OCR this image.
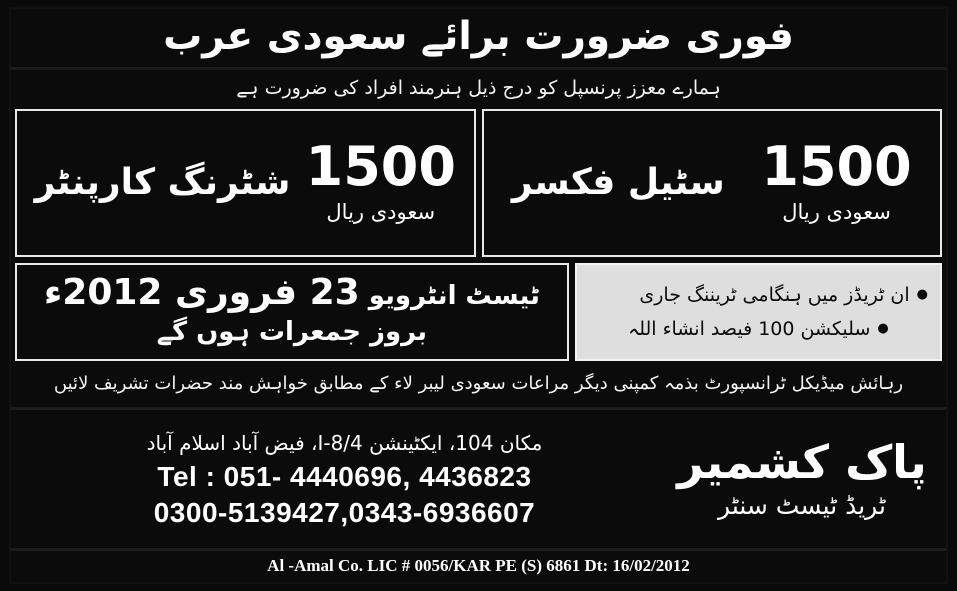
فوری ضرورت برائے سعودی عرب
ہمارے معزز پرنسپل کو درج ذیل ہنرمند افراد کی ضرورت ہے
شٹرنگ کارپنٹر 1500
سعودی ریال
سٹیل فکسر 1500
سعودی ریال
ٹیسٹ انٹرویو 23 فروری 2012ء بروز جمعرات ہوں گے
● ان ٹریڈز میں ہنگامی ٹریننگ جاری
● سلیکشن 100 فیصد انشاء اللہ
رہائش میڈیکل ٹرانسپورٹ بذمہ کمپنی دیگر مراعات سعودی لیبر لاء کے مطابق خواہش مند حضرات تشریف لائیں
مکان 104، ایکٹینشن I-8/4، فیض آباد اسلام آباد
Tel : 051- 4440696, 4436823
0300-5139427,0343-6936607
پاک کشمیر
ٹریڈ ٹیسٹ سنٹر
Al -Amal Co. LIC # 0056/KAR PE (S) 6861 Dt: 16/02/2012
